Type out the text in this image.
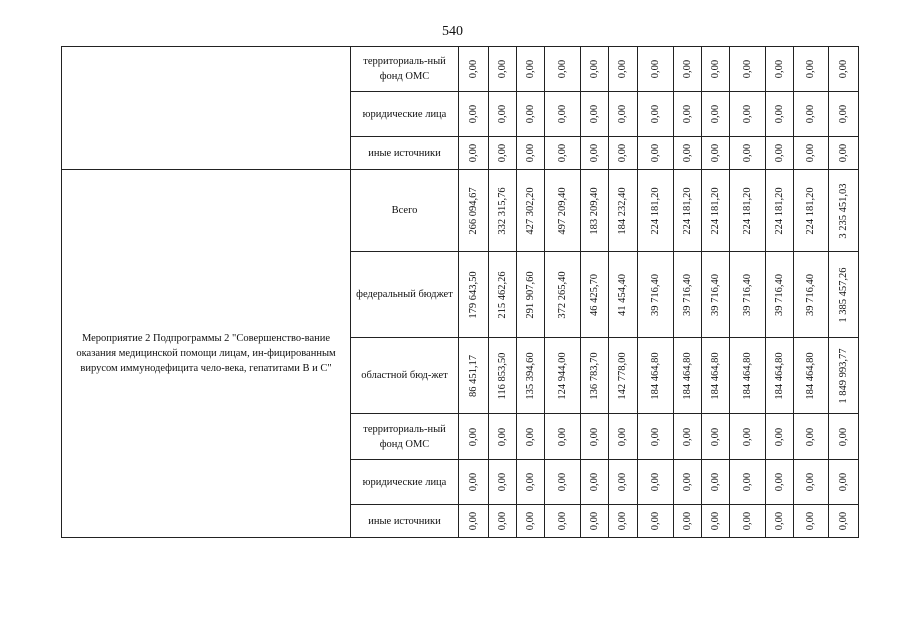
540
	территориаль-ный фонд ОМС	0,00	0,00	0,00	0,00	0,00	0,00	0,00	0,00	0,00	0,00	0,00	0,00	0,00

	юридические лица	0,00	0,00	0,00	0,00	0,00	0,00	0,00	0,00	0,00	0,00	0,00	0,00	0,00

	иные источники	0,00	0,00	0,00	0,00	0,00	0,00	0,00	0,00	0,00	0,00	0,00	0,00	0,00

Мероприятие 2 Подпрограммы 2 "Совершенство-вание оказания медицинской помощи лицам, ин-фицированным вирусом иммунодефицита чело-века, гепатитами В и С"	Всего	266 094,67	332 315,76	427 302,20	497 209,40	183 209,40	184 232,40	224 181,20	224 181,20	224 181,20	224 181,20	224 181,20	224 181,20	3 235 451,03	

	федеральный бюджет	179 643,50	215 462,26	291 907,60	372 265,40	46 425,70	41 454,40	39 716,40	39 716,40	39 716,40	39 716,40	39 716,40	39 716,40	1 385 457,26	

	областной бюд-жет	86 451,17	116 853,50	135 394,60	124 944,00	136 783,70	142 778,00	184 464,80	184 464,80	184 464,80	184 464,80	184 464,80	184 464,80	1 849 993,77	

	территориаль-ный фонд ОМС	0,00	0,00	0,00	0,00	0,00	0,00	0,00	0,00	0,00	0,00	0,00	0,00	0,00

	юридические лица	0,00	0,00	0,00	0,00	0,00	0,00	0,00	0,00	0,00	0,00	0,00	0,00	0,00

	иные источники	0,00	0,00	0,00	0,00	0,00	0,00	0,00	0,00	0,00	0,00	0,00	0,00	0,00
